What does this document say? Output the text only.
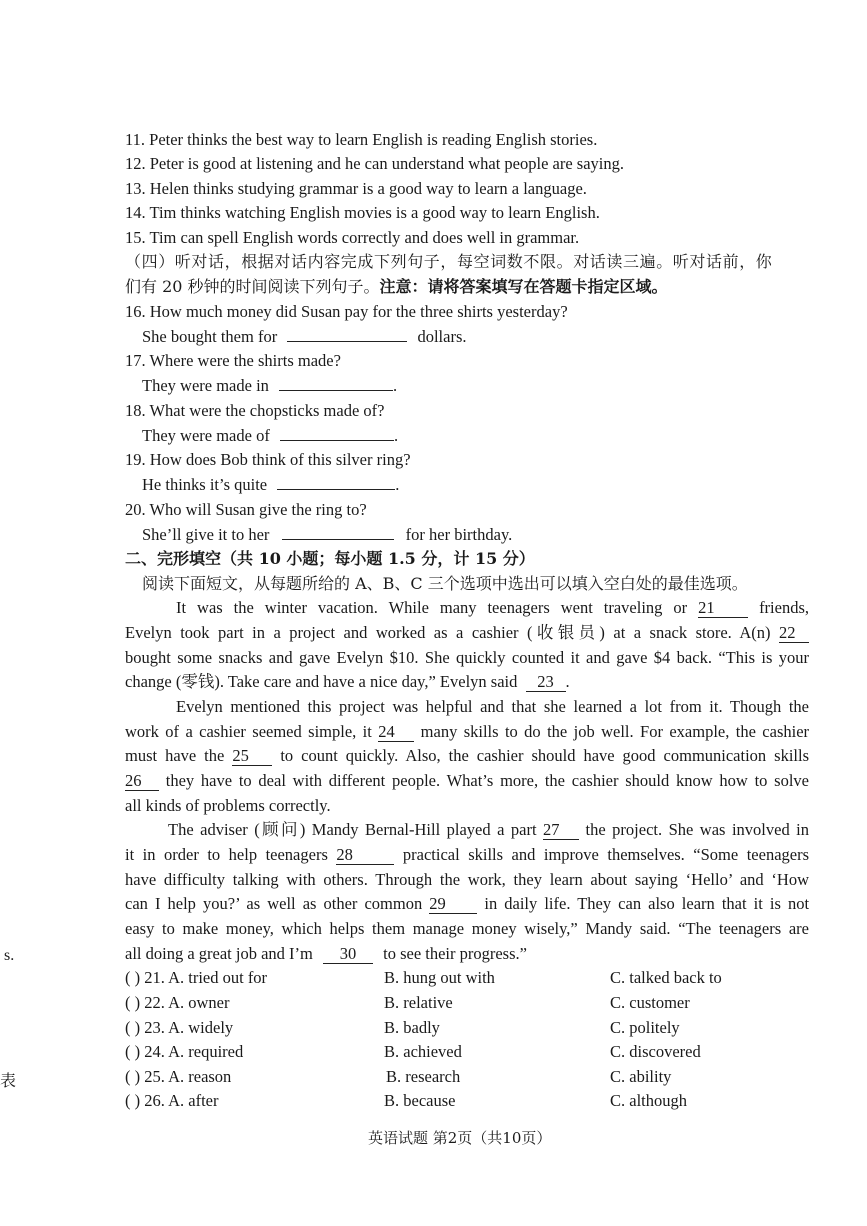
11. Peter thinks the best way to learn English is reading English stories.
12. Peter is good at listening and he can understand what people are saying.
13. Helen thinks studying grammar is a good way to learn a language.
14. Tim thinks watching English movies is a good way to learn English.
15. Tim can spell English words correctly and does well in grammar.
（四）听对话，根据对话内容完成下列句子，每空词数不限。对话读三遍。听对话前，你
们有 20 秒钟的时间阅读下列句子。注意：请将答案填写在答题卡指定区域。
16. How much money did Susan pay for the three shirts yesterday?
She bought them for	dollars.
17. Where were the shirts made?
They were made in	.
18. What were the chopsticks made of?
They were made of	.
19. How does Bob think of this silver ring?
He thinks it’s quite	.
20. Who will Susan give the ring to?
She’ll give it to her	for her birthday.
二、完形填空（共 10 小题；每小题 1.5 分，计 15 分）
阅读下面短文，从每题所给的 A、B、C 三个选项中选出可以填入空白处的最佳选项。
It was the winter vacation. While many teenagers went traveling or 21	friends,
Evelyn took part in a project and worked as a cashier (收银员) at a snack store. A(n) 22
bought some snacks and gave Evelyn $10. She quickly counted it and gave $4 back. “This is your
change (零钱). Take care and have a nice day,” Evelyn said 23 .
Evelyn mentioned this project was helpful and that she learned a lot from it. Though the
work of a cashier seemed simple, it 24 many skills to do the job well. For example, the cashier
must have the 25 to count quickly. Also, the cashier should have good communication skills
26 they have to deal with different people. What’s more, the cashier should know how to solve
all kinds of problems correctly.
The adviser (顾问) Mandy Bernal-Hill played a part 27 the project. She was involved in
it in order to help teenagers 28	practical skills and improve themselves. “Some teenagers
have difficulty talking with others. Through the work, they learn about saying ‘Hello’ and ‘How
can I help you?’ as well as other common 29 in daily life. They can also learn that it is not
easy to make money, which helps them manage money wisely,” Mandy said. “The teenagers are
all doing a great job and I’m 30 to see their progress.”
( ) 21. A. tried out for	B. hung out with	C. talked back to
( ) 22. A. owner	B. relative	C. customer
( ) 23. A. widely	B. badly	C. politely
( ) 24. A. required	B. achieved	C. discovered
( ) 25. A. reason	B. research	C. ability
( ) 26. A. after	B. because	C. although
s.
表
英语试题 第2页（共10页）
